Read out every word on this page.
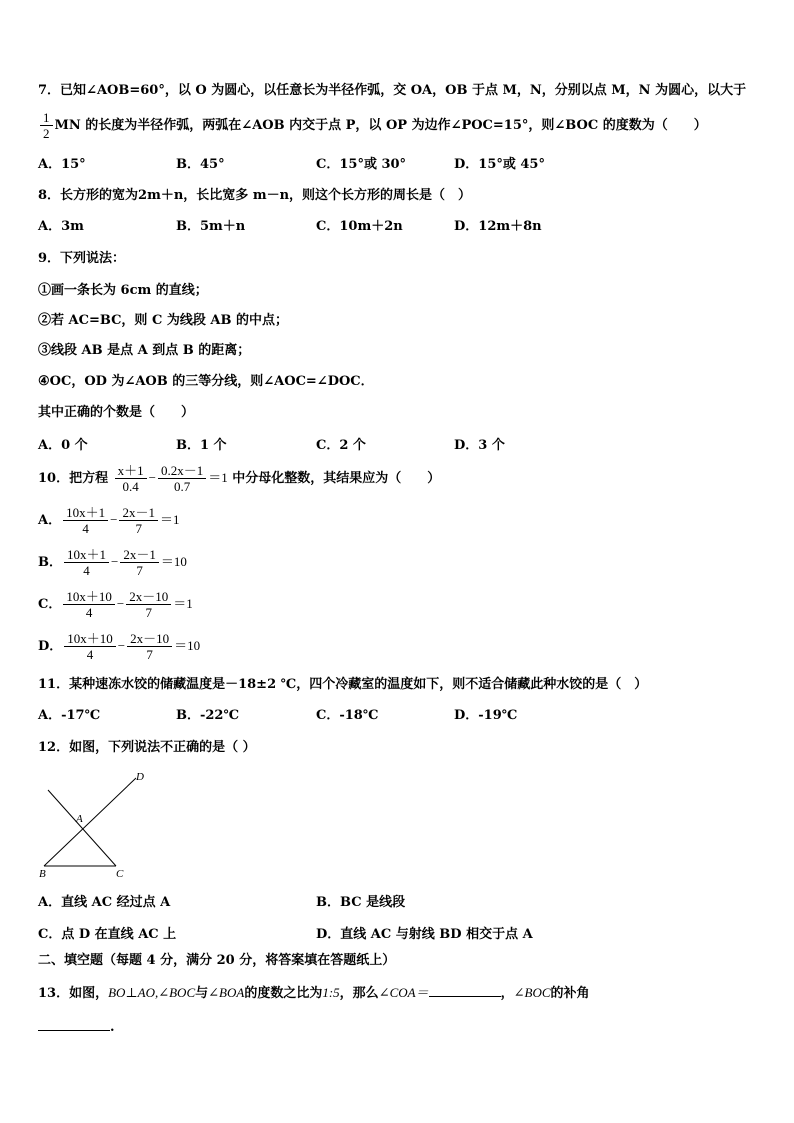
7．已知∠AOB=60°，以 O 为圆心，以任意长为半径作弧，交 OA，OB 于点 M，N，分别以点 M，N 为圆心，以大于
$\frac{1}{2}$ MN 的长度为半径作弧，两弧在∠AOB 内交于点 P，以 OP 为边作∠POC=15°，则∠BOC 的度数为（　　）
A．15°	B．45°	C．15°或 30°	D．15°或 45°
8．长方形的宽为2m＋n，长比宽多 m－n，则这个长方形的周长是（　）
A．3m	B．5m＋n	C．10m＋2n	D．12m＋8n
9．下列说法：
①画一条长为 6cm 的直线；
②若 AC=BC，则 C 为线段 AB 的中点；
③线段 AB 是点 A 到点 B 的距离；
④OC，OD 为∠AOB 的三等分线，则∠AOC=∠DOC．
其中正确的个数是（　　）
A．0 个	B．1 个	C．2 个	D．3 个
10．把方程 $\frac{x+1}{0.4} - \frac{0.2x-1}{0.7} =1$ 中分母化整数，其结果应为（　　）
A． $\frac{10x+1}{4} - \frac{2x-1}{7} =1$
B． $\frac{10x+1}{4} - \frac{2x-1}{7} =10$
C． $\frac{10x+10}{4} - \frac{2x-10}{7} =1$
D． $\frac{10x+10}{4} - \frac{2x-10}{7} =10$
11．某种速冻水饺的储藏温度是－18±2 ℃，四个冷藏室的温度如下，则不适合储藏此种水饺的是（　）
A．-17℃	B．-22℃	C．-18℃	D．-19℃
12．如图，下列说法不正确的是（ ）
A
B	C
D
A．直线 AC 经过点 A	B．BC 是线段
C．点 D 在直线 AC 上	D．直线 AC 与射线 BD 相交于点 A
二、填空题（每题 4 分，满分 20 分，将答案填在答题纸上）
13．如图，BO⊥AO,∠BOC与∠BOA的度数之比为1:5，那么∠COA＝	，∠BOC的补角
.
